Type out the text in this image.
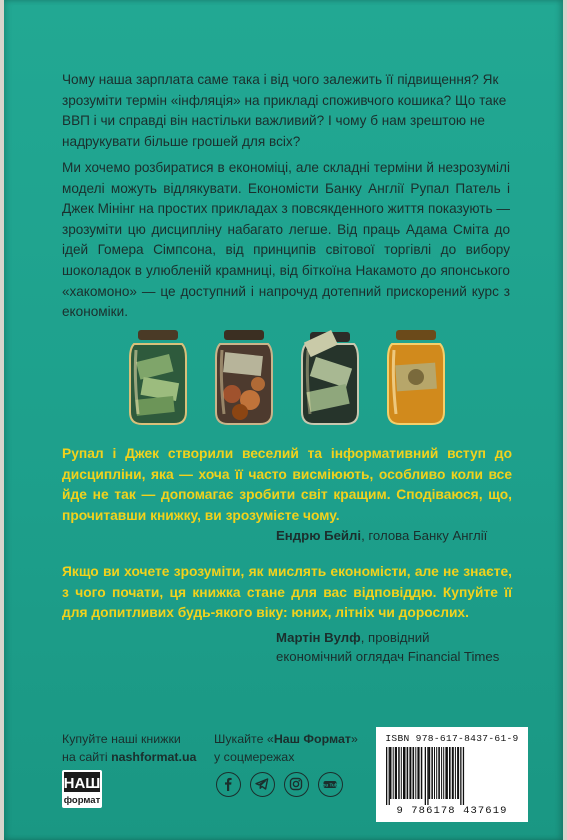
Чому наша зарплата саме така і від чого залежить її підвищення? Як зрозуміти термін «інфляція» на прикладі споживчого кошика? Що таке ВВП і чи справді він настільки важливий? І чому б нам зрештою не надрукувати більше грошей для всіх?

Ми хочемо розбиратися в економіці, але складні терміни й незрозумілі моделі можуть відлякувати. Економісти Банку Англії Рупал Патель і Джек Мінінг на простих прикладах з повсякденного життя показують — зрозуміти цю дисципліну набагато легше. Від праць Адама Сміта до ідей Гомера Сімпсона, від принципів світової торгівлі до вибору шоколадок в улюбленій крамниці, від біткоїна Накамото до японського «хакомоно» — це доступний і напрочуд дотепний прискорений курс з економіки.

Рупал і Джек створили веселий та інформативний вступ до дисципліни, яка — хоча її часто висміюють, особливо коли все йде не так — допомагає зробити світ кращим. Сподіваюся, що, прочитавши книжку, ви зрозумієте чому.

Ендрю Бейлі, голова Банку Англії

Якщо ви хочете зрозуміти, як мислять економісти, але не знаєте, з чого почати, ця книжка стане для вас відповіддю. Купуйте її для допитливих будь-якого віку: юних, літніх чи дорослих.

Мартін Вулф, провідний економічний оглядач Financial Times

Купуйте наші книжки
на сайті nashformat.ua

НАШ
формат

Шукайте «Наш Формат»
у соцмережах

You Tube

ISBN 978-617-8437-61-9

9 786178 437619
